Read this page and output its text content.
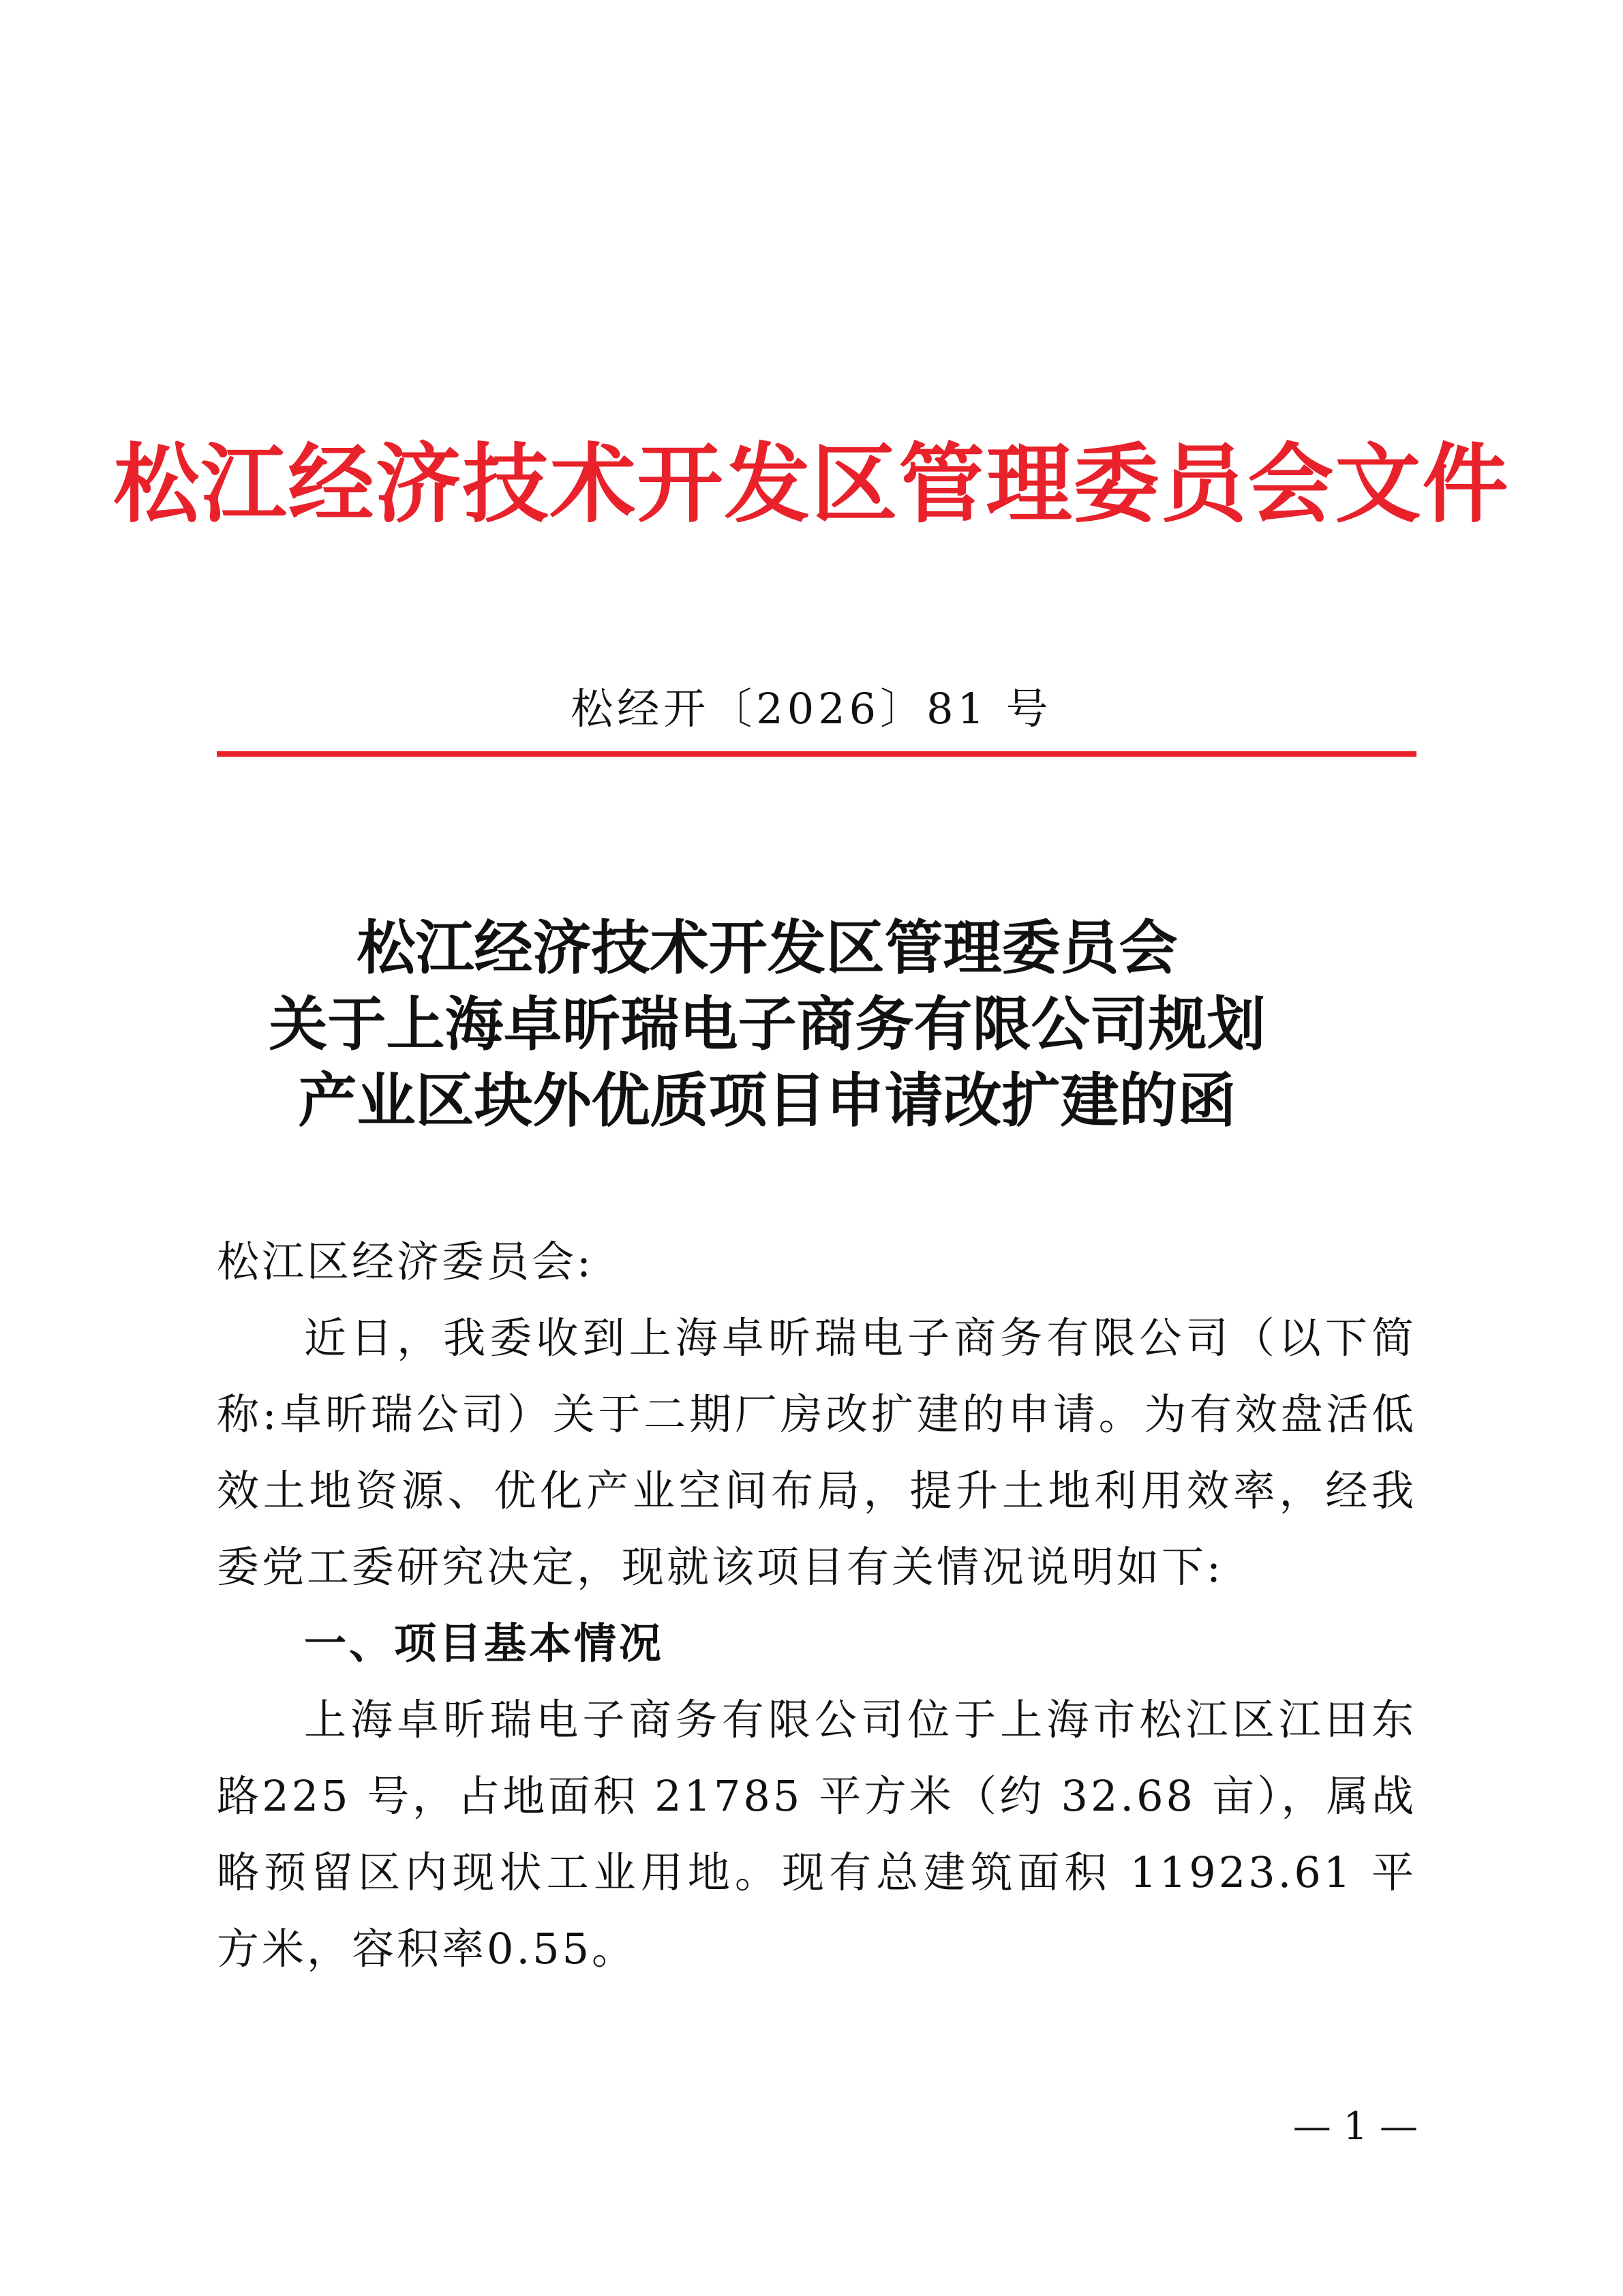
松江经济技术开发区管理委员会文件
松经开〔2026〕81 号
松江经济技术开发区管理委员会
关于上海卓昕瑞电子商务有限公司规划
产业区块外优质项目申请改扩建的函

松江区经济委员会:

近日，我委收到上海卓昕瑞电子商务有限公司（以下简称:卓昕瑞公司）关于二期厂房改扩建的申请。为有效盘活低效土地资源、优化产业空间布局，提升土地利用效率，经我委党工委研究决定，现就该项目有关情况说明如下:

一、项目基本情况

上海卓昕瑞电子商务有限公司位于上海市松江区江田东路225 号，占地面积 21785 平方米（约 32.68 亩），属战略预留区内现状工业用地。现有总建筑面积 11923.61 平方米，容积率0.55。

— 1 —
